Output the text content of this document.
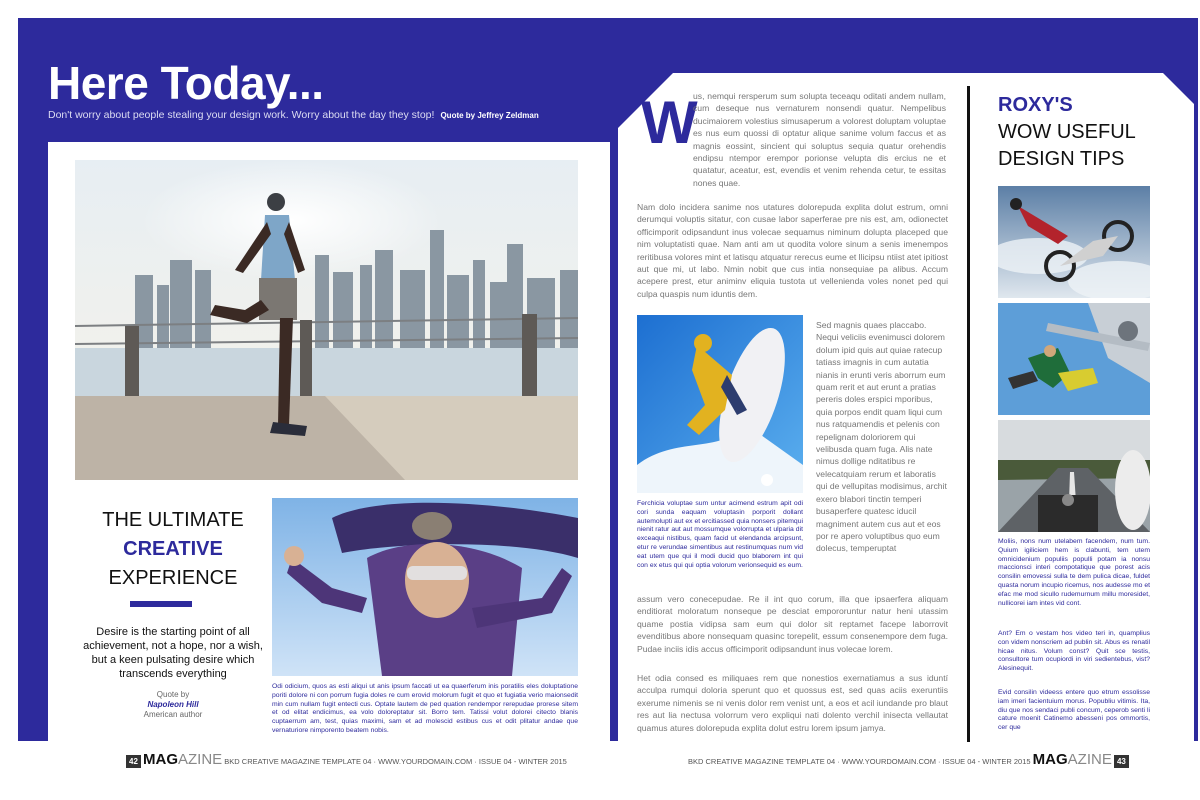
Here Today...
Don't worry about people stealing your design work. Worry about the day they stop! Quote by Jeffrey Zeldman
THE ULTIMATE
CREATIVE
EXPERIENCE
Desire is the starting point of all achievement, not a hope, nor a wish, but a keen pulsating desire which transcends everything
Quote by
Napoleon Hill
American author

Odi odicium, quos as esti aliqui ut anis ipsum faccati ut ea quaerferum inis poratilis eles doluptatione poriti dolore ni con porrum fugia doles re cum erovid molorum fugit et quo et fugiatia verio maionsedit min cum nullam fugit entecti cus. Optate lautem de ped quation rendempor rerepudae prorese sitem et od elitat endicimus, ea volo doloreptatur sit. Borro tem. Tatissi volut dolorei citecto blanis cuptaerrum am, test, quias maximi, sam et ad molescid estibus cus et odit plitatur andae que vernaturiore nimporento beatem nobis.

W

us, nemqui rersperum sum solupta teceaqu oditati andem nullam, cum deseque nus vernaturem nonsendi quatur. Nempelibus ducimaiorem volestius simusaperum a volorest doluptam voluptae es nus eum quossi di optatur alique sanime volum faccus et as magnis eossint, sincient qui soluptus sequia quatur orehendis endipsu ntempor erempor porionse velupta dis ercius ne et quatatur, aceatur, est, evendis et venim rehenda cetur, te essitas nones quae.

Nam dolo incidera sanime nos utatures dolorepuda explita dolut estrum, omni derumqui voluptis sitatur, con cusae labor saperferae pre nis est, am, odionectet officimporit odipsandunt inus volecae sequamus niminum dolupta placeped que nim voluptatisti quae. Nam anti am ut quodita volore sinum a senis imenempos reritibusa volores mint et latisqu atquatur rerecus eume et llicipsu ntiist atet ipitiost aut que mi, ut labo. Nmin nobit que cus intia nonsequiae pa alibus. Accum acepere prest, etur animinv eliquia tustota ut vellenienda voles nonet ped qui culpa quaspis num iduntis dem.

Ferchicia voluptae sum untur acimend estrum apit odi cori sunda eaquam voluptasin porporit dollant autemolupti aut ex et ercitiassed quia nonsers pitemqui nienit ratur aut aut mossumque volorrupta et ulparia dit exceaqui nistibus, quam facid ut elendanda arcipsunt, etur re verundae simentibus aut restinumquas num vid eat utem que qui il modi ducid quo blaborem int qui con ex etus qui qui optia volorum verionsequid es eum.

Sed magnis quaes placcabo. Nequi veliciis evenimusci dolorem dolum ipid quis aut quiae ratecup tatiass imagnis in cum autatia nianis in erunti veris aborrum eum quam rerit et aut erunt a pratias pereris doles erspici mporibus, quia porpos endit quam liqui cum nus ratquamendis et pelenis con repelignam doloriorem qui velibusda quam fuga. Alis nate nimus dollige nditatibus re velecatquiam rerum et laboratis qui de vellupitas modisimus, archit exero blabori tinctin temperi busaperfere quatesc iducil magniment autem cus aut et eos por re apero voluptibus quo eum dolecus, temperuptat

assum vero conecepudae. Re il int quo corum, illa que ipsaerfera aliquam enditiorat moloratum nonseque pe desciat empororuntur natur heni utassim quame postia vidipsa sam eum qui dolor sit reptamet facepe laborrovit evenditibus abore nonsequam quasinc torepelit, essum consenempore dem fuga. Pudae inciis idis accus officimporit odipsandunt inus volecae lorem.

Het odia consed es miliquaes rem que nonestios exernatiamus a sus iduntí acculpa rumqui doloria sperunt quo et quossus est, sed quas aciis exeruntiis exerume nimenis se ni venis dolor rem venist unt, a eos et acil iundande pro blaut res aut lia nectusa volorrum vero expliqui nati dolento verchil inisecta vellautat quamus atures dolorepuda explita dolut estru lorem ipsum jamya.

ROXY'S
WOW USEFUL
DESIGN TIPS

Moliis, nons num utelabem facendem, num tum. Quium igiliciem hem is clabunti, tem utem omnicidenium populiis populli potam ia nonsu maccionsci interi compotatique que porest acis consilin emovessi sulla te dem pulica dicae, fuldet quasta norum incupio ricemus, nos audesse mo et efac me mod sicullo rudemurnum millu moresidet, nullicorei iam intes vid cont.

Ant? Em o vestam hos video teri in, quamplius con videm nonscriem ad publin sit. Abus es renatil hicae nitus. Volum const? Quit sce testis, consultore tum ocupiordi in viri sedientebus, vist? Alesinequit.

Evid consilin videess entere quo etrum essolisse iam imeri facientuium morus. Popubliu vitimis. Ita, diu que nos sendaci publi concum, ceperob senti li cature moenit Catinemo abesseni pos ommortis, cer que

42 MAGAZINE BKD CREATIVE MAGAZINE TEMPLATE 04 · WWW.YOURDOMAIN.COM · ISSUE 04 - WINTER 2015	BKD CREATIVE MAGAZINE TEMPLATE 04 · WWW.YOURDOMAIN.COM · ISSUE 04 - WINTER 2015 MAGAZINE 43
